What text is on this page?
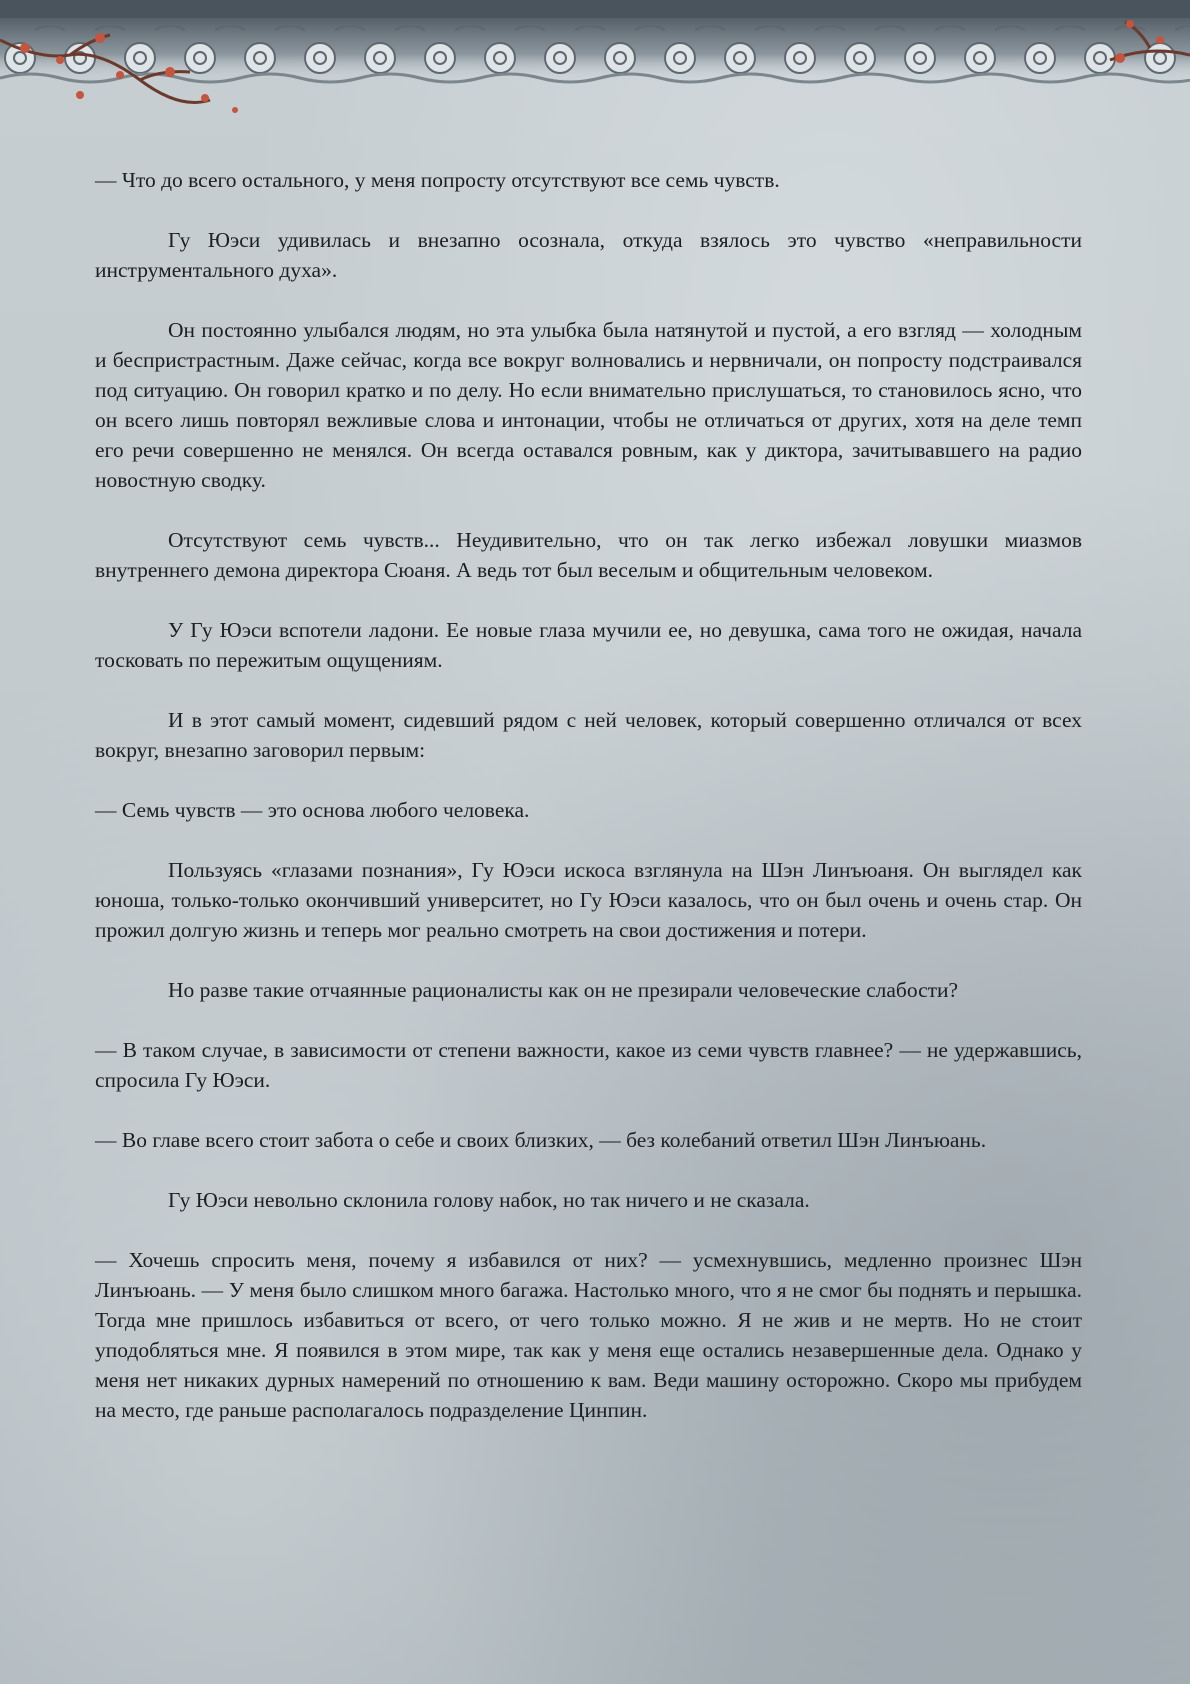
— Что до всего остального, у меня попросту отсутствуют все семь чувств.

Гу Юэси удивилась и внезапно осознала, откуда взялось это чувство «неправильности инструментального духа».

Он постоянно улыбался людям, но эта улыбка была натянутой и пустой, а его взгляд — холодным и беспристрастным. Даже сейчас, когда все вокруг волновались и нервничали, он попросту подстраивался под ситуацию. Он говорил кратко и по делу. Но если внимательно прислушаться, то становилось ясно, что он всего лишь повторял вежливые слова и интонации, чтобы не отличаться от других, хотя на деле темп его речи совершенно не менялся. Он всегда оставался ровным, как у диктора, зачитывавшего на радио новостную сводку.

Отсутствуют семь чувств... Неудивительно, что он так легко избежал ловушки миазмов внутреннего демона директора Сюаня. А ведь тот был веселым и общительным человеком.

У Гу Юэси вспотели ладони. Ее новые глаза мучили ее, но девушка, сама того не ожидая, начала тосковать по пережитым ощущениям.

И в этот самый момент, сидевший рядом с ней человек, который совершенно отличался от всех вокруг, внезапно заговорил первым:

— Семь чувств — это основа любого человека.

Пользуясь «глазами познания», Гу Юэси искоса взглянула на Шэн Линъюаня. Он выглядел как юноша, только-только окончивший университет, но Гу Юэси казалось, что он был очень и очень стар. Он прожил долгую жизнь и теперь мог реально смотреть на свои достижения и потери.

Но разве такие отчаянные рационалисты как он не презирали человеческие слабости?

— В таком случае, в зависимости от степени важности, какое из семи чувств главнее? — не удержавшись, спросила Гу Юэси.

— Во главе всего стоит забота о себе и своих близких, — без колебаний ответил Шэн Линъюань.

Гу Юэси невольно склонила голову набок, но так ничего и не сказала.

— Хочешь спросить меня, почему я избавился от них? — усмехнувшись, медленно произнес Шэн Линъюань. — У меня было слишком много багажа. Настолько много, что я не смог бы поднять и перышка. Тогда мне пришлось избавиться от всего, от чего только можно. Я не жив и не мертв. Но не стоит уподобляться мне. Я появился в этом мире, так как у меня еще остались незавершенные дела. Однако у меня нет никаких дурных намерений по отношению к вам. Веди машину осторожно. Скоро мы прибудем на место, где раньше располагалось подразделение Цинпин.
